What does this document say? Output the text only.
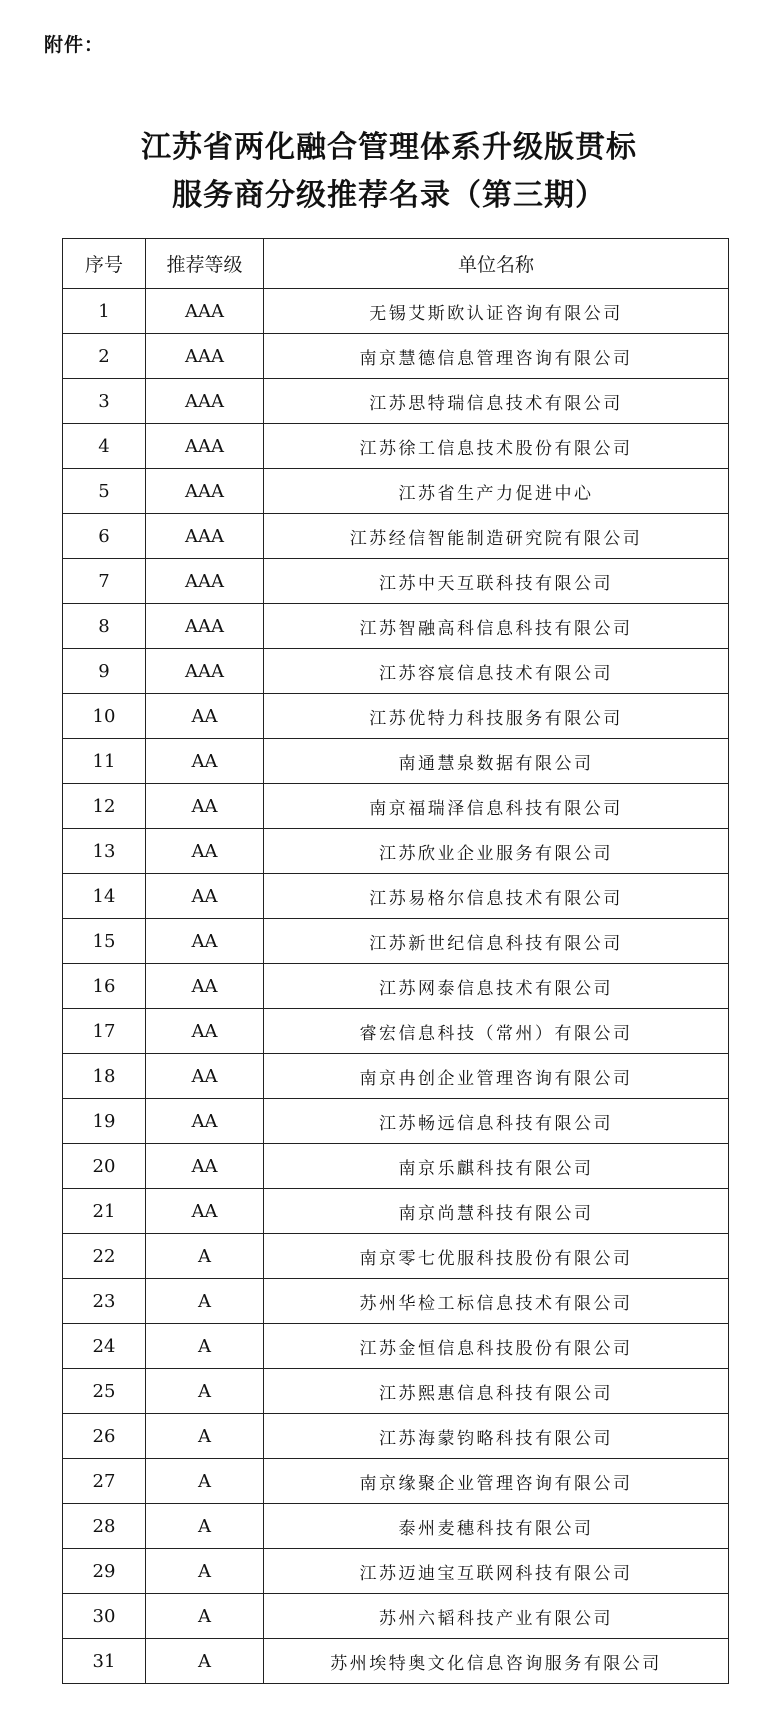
附件：
江苏省两化融合管理体系升级版贯标
服务商分级推荐名录（第三期）
序号	推荐等级	单位名称
1	AAA	无锡艾斯欧认证咨询有限公司
2	AAA	南京慧德信息管理咨询有限公司
3	AAA	江苏思特瑞信息技术有限公司
4	AAA	江苏徐工信息技术股份有限公司
5	AAA	江苏省生产力促进中心
6	AAA	江苏经信智能制造研究院有限公司
7	AAA	江苏中天互联科技有限公司
8	AAA	江苏智融高科信息科技有限公司
9	AAA	江苏容宸信息技术有限公司
10	AA	江苏优特力科技服务有限公司
11	AA	南通慧泉数据有限公司
12	AA	南京福瑞泽信息科技有限公司
13	AA	江苏欣业企业服务有限公司
14	AA	江苏易格尔信息技术有限公司
15	AA	江苏新世纪信息科技有限公司
16	AA	江苏网泰信息技术有限公司
17	AA	睿宏信息科技（常州）有限公司
18	AA	南京冉创企业管理咨询有限公司
19	AA	江苏畅远信息科技有限公司
20	AA	南京乐麒科技有限公司
21	AA	南京尚慧科技有限公司
22	A	南京零七优服科技股份有限公司
23	A	苏州华检工标信息技术有限公司
24	A	江苏金恒信息科技股份有限公司
25	A	江苏熙惠信息科技有限公司
26	A	江苏海蒙钧略科技有限公司
27	A	南京缘聚企业管理咨询有限公司
28	A	泰州麦穗科技有限公司
29	A	江苏迈迪宝互联网科技有限公司
30	A	苏州六韬科技产业有限公司
31	A	苏州埃特奥文化信息咨询服务有限公司
